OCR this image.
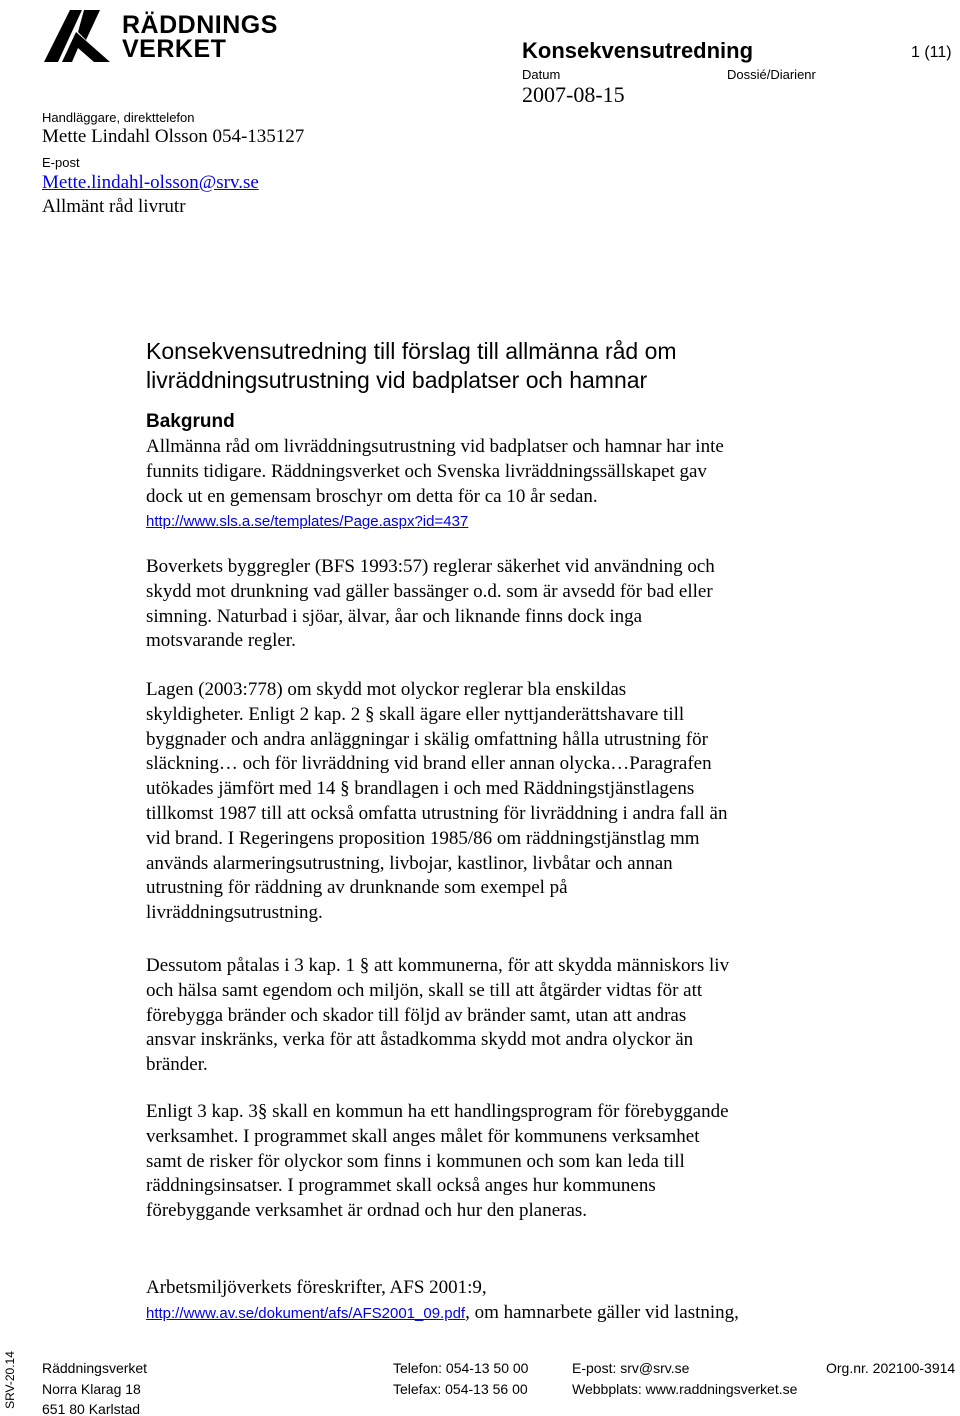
RÄDDNINGS
VERKET	Konsekvensutredning	1 (11)
Datum	Dossié/Diarienr
2007-08-15
Handläggare, direkttelefon
Mette Lindahl Olsson 054-135127
E-post
Mette.lindahl-olsson@srv.se
Allmänt råd livrutr
Konsekvensutredning till förslag till allmänna råd om
livräddningsutrustning vid badplatser och hamnar
Bakgrund
Allmänna råd om livräddningsutrustning vid badplatser och hamnar har inte
funnits tidigare. Räddningsverket och Svenska livräddningssällskapet gav
dock ut en gemensam broschyr om detta för ca 10 år sedan.
http://www.sls.a.se/templates/Page.aspx?id=437
Boverkets byggregler (BFS 1993:57) reglerar säkerhet vid användning och
skydd mot drunkning vad gäller bassänger o.d. som är avsedd för bad eller
simning. Naturbad i sjöar, älvar, åar och liknande finns dock inga
motsvarande regler.
Lagen (2003:778) om skydd mot olyckor reglerar bla enskildas
skyldigheter. Enligt 2 kap. 2 § skall ägare eller nyttjanderättshavare till
byggnader och andra anläggningar i skälig omfattning hålla utrustning för
släckning… och för livräddning vid brand eller annan olycka…Paragrafen
utökades jämfört med 14 § brandlagen i och med Räddningstjänstlagens
tillkomst 1987 till att också omfatta utrustning för livräddning i andra fall än
vid brand. I Regeringens proposition 1985/86 om räddningstjänstlag mm
används alarmeringsutrustning, livbojar, kastlinor, livbåtar och annan
utrustning för räddning av drunknande som exempel på
livräddningsutrustning.
Dessutom påtalas i 3 kap. 1 § att kommunerna, för att skydda människors liv
och hälsa samt egendom och miljön, skall se till att åtgärder vidtas för att
förebygga bränder och skador till följd av bränder samt, utan att andras
ansvar inskränks, verka för att åstadkomma skydd mot andra olyckor än
bränder.
Enligt 3 kap. 3§ skall en kommun ha ett handlingsprogram för förebyggande
verksamhet. I programmet skall anges målet för kommunens verksamhet
samt de risker för olyckor som finns i kommunen och som kan leda till
räddningsinsatser. I programmet skall också anges hur kommunens
förebyggande verksamhet är ordnad och hur den planeras.
Arbetsmiljöverkets föreskrifter, AFS 2001:9,
http://www.av.se/dokument/afs/AFS2001_09.pdf, om hamnarbete gäller vid lastning,
SRV-20.14 Räddningsverket
Norra Klarag 18
651 80 Karlstad
Telefon: 054-13 50 00
Telefax: 054-13 56 00
E-post: srv@srv.se
Webbplats: www.raddningsverket.se
Org.nr. 202100-3914
